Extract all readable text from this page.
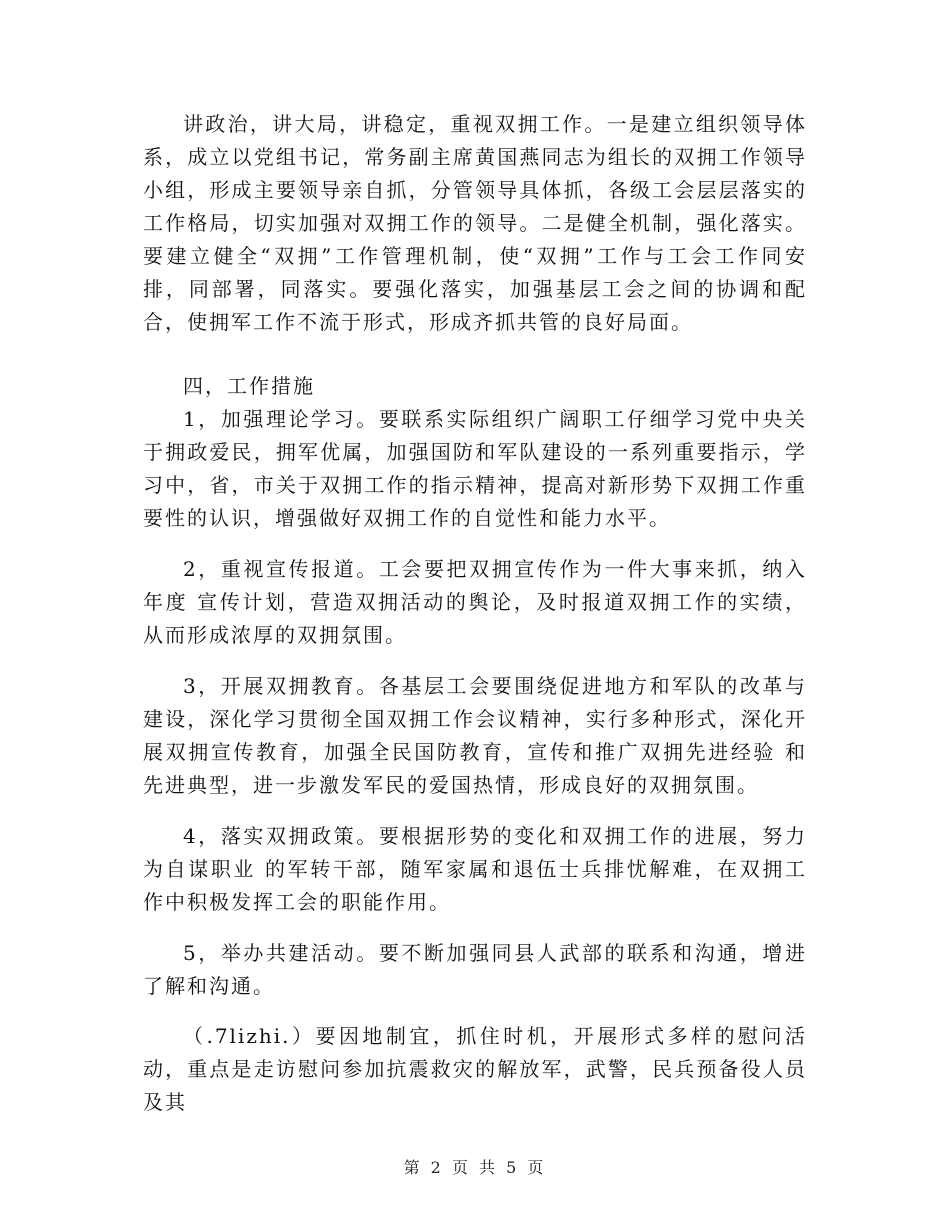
讲政治，讲大局，讲稳定，重视双拥工作。一是建立组织领导体系，成立以党组书记，常务副主席黄国燕同志为组长的双拥工作领导小组，形成主要领导亲自抓，分管领导具体抓，各级工会层层落实的工作格局，切实加强对双拥工作的领导。二是健全机制，强化落实。要建立健全“双拥”工作管理机制，使“双拥”工作与工会工作同安排，同部署，同落实。要强化落实，加强基层工会之间的协调和配合，使拥军工作不流于形式，形成齐抓共管的良好局面。

四，工作措施

1，加强理论学习。要联系实际组织广阔职工仔细学习党中央关于拥政爱民，拥军优属，加强国防和军队建设的一系列重要指示，学习中，省，市关于双拥工作的指示精神，提高对新形势下双拥工作重要性的认识，增强做好双拥工作的自觉性和能力水平。

2，重视宣传报道。工会要把双拥宣传作为一件大事来抓，纳入年度 宣传计划，营造双拥活动的舆论，及时报道双拥工作的实绩，从而形成浓厚的双拥氛围。

3，开展双拥教育。各基层工会要围绕促进地方和军队的改革与建设，深化学习贯彻全国双拥工作会议精神，实行多种形式，深化开展双拥宣传教育，加强全民国防教育，宣传和推广双拥先进经验 和先进典型，进一步激发军民的爱国热情，形成良好的双拥氛围。

4，落实双拥政策。要根据形势的变化和双拥工作的进展，努力为自谋职业 的军转干部，随军家属和退伍士兵排忧解难，在双拥工作中积极发挥工会的职能作用。

5，举办共建活动。要不断加强同县人武部的联系和沟通，增进了解和沟通。

（.7lizhi.）要因地制宜，抓住时机，开展形式多样的慰问活动，重点是走访慰问参加抗震救灾的解放军，武警，民兵预备役人员及其

第 2 页 共 5 页
